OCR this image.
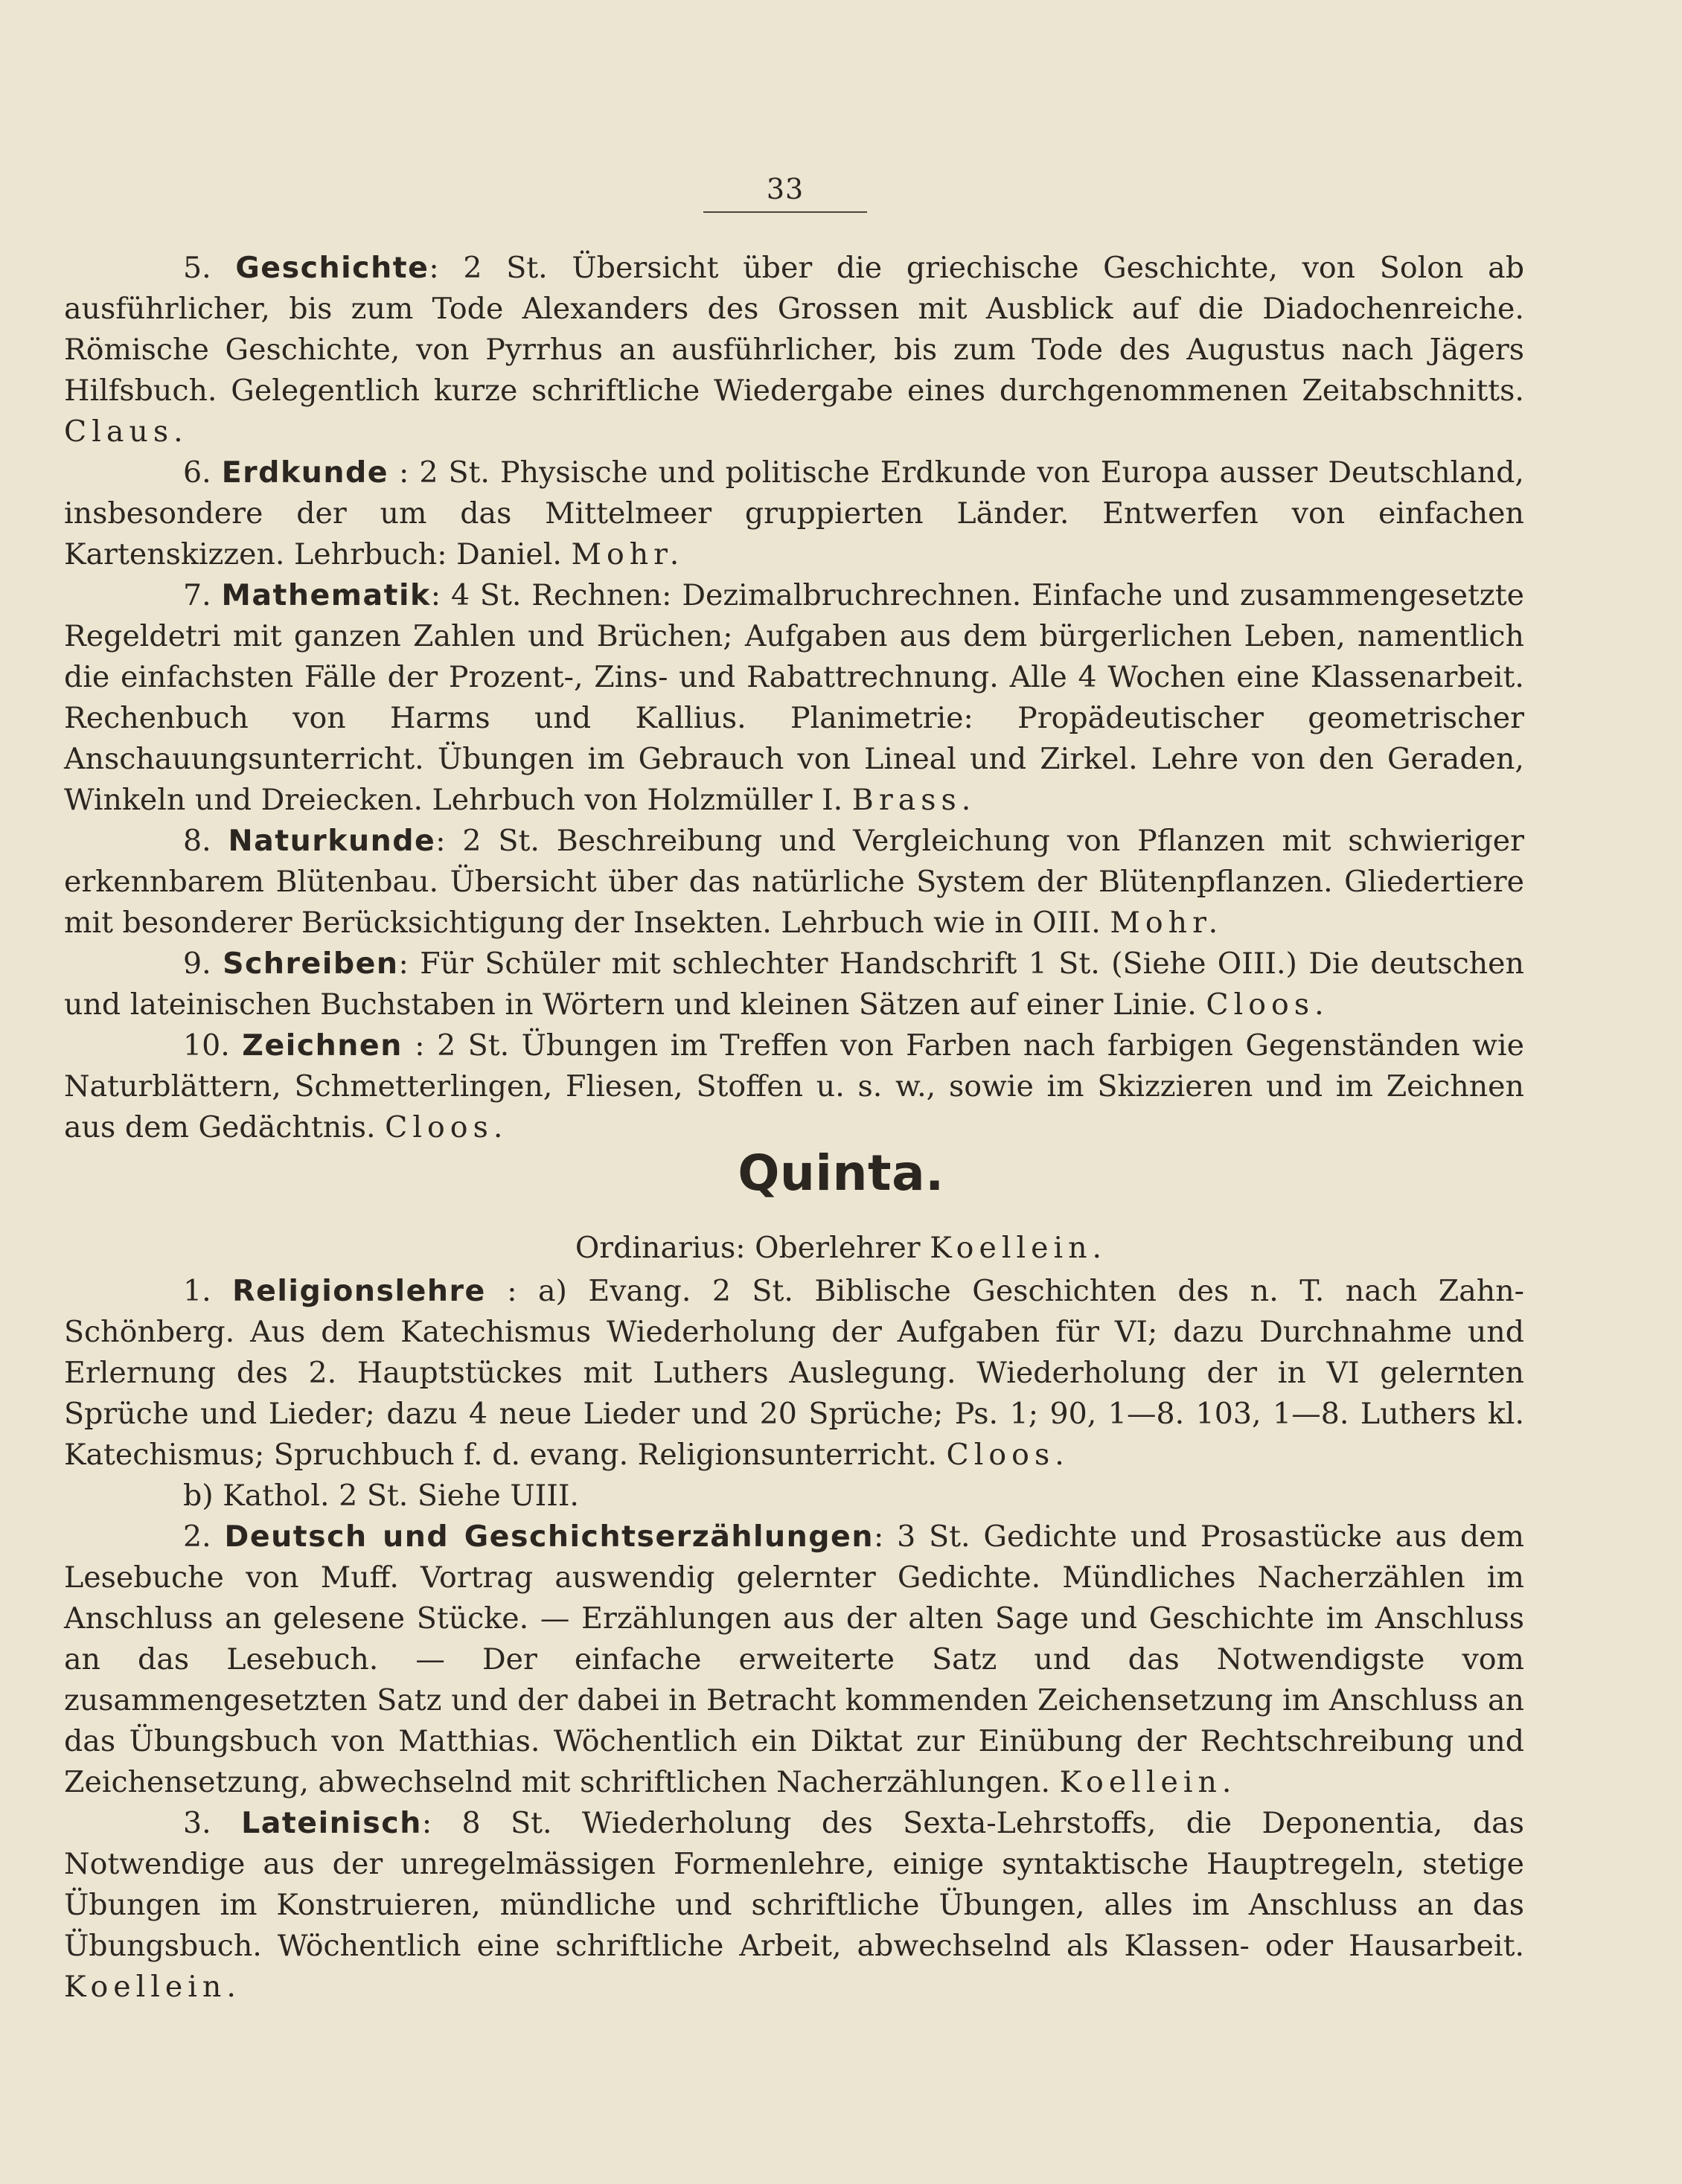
33

5. Geschichte: 2 St. Übersicht über die griechische Geschichte, von Solon ab ausführlicher, bis zum Tode Alexanders des Grossen mit Ausblick auf die Diadochenreiche. Römische Geschichte, von Pyrrhus an ausführlicher, bis zum Tode des Augustus nach Jägers Hilfsbuch. Gelegentlich kurze schriftliche Wiedergabe eines durchgenommenen Zeitabschnitts. Claus.

6. Erdkunde : 2 St. Physische und politische Erdkunde von Europa ausser Deutschland, insbesondere der um das Mittelmeer gruppierten Länder. Entwerfen von einfachen Kartenskizzen. Lehrbuch: Daniel. Mohr.

7. Mathematik: 4 St. Rechnen: Dezimalbruchrechnen. Einfache und zusammengesetzte Regeldetri mit ganzen Zahlen und Brüchen; Aufgaben aus dem bürgerlichen Leben, namentlich die einfachsten Fälle der Prozent-, Zins- und Rabattrechnung. Alle 4 Wochen eine Klassenarbeit. Rechenbuch von Harms und Kallius. Planimetrie: Propädeutischer geometrischer Anschauungsunterricht. Übungen im Gebrauch von Lineal und Zirkel. Lehre von den Geraden, Winkeln und Dreiecken. Lehrbuch von Holzmüller I. Brass.

8. Naturkunde: 2 St. Beschreibung und Vergleichung von Pflanzen mit schwieriger erkennbarem Blütenbau. Übersicht über das natürliche System der Blütenpflanzen. Gliedertiere mit besonderer Berücksichtigung der Insekten. Lehrbuch wie in OIII. Mohr.

9. Schreiben: Für Schüler mit schlechter Handschrift 1 St. (Siehe OIII.) Die deutschen und lateinischen Buchstaben in Wörtern und kleinen Sätzen auf einer Linie. Cloos.

10. Zeichnen : 2 St. Übungen im Treffen von Farben nach farbigen Gegenständen wie Naturblättern, Schmetterlingen, Fliesen, Stoffen u. s. w., sowie im Skizzieren und im Zeichnen aus dem Gedächtnis. Cloos.

Quinta.
Ordinarius: Oberlehrer Koellein.

1. Religionslehre : a) Evang. 2 St. Biblische Geschichten des n. T. nach Zahn-Schönberg. Aus dem Katechismus Wiederholung der Aufgaben für VI; dazu Durchnahme und Erlernung des 2. Hauptstückes mit Luthers Auslegung. Wiederholung der in VI gelernten Sprüche und Lieder; dazu 4 neue Lieder und 20 Sprüche; Ps. 1; 90, 1—8. 103, 1—8. Luthers kl. Katechismus; Spruchbuch f. d. evang. Religionsunterricht. Cloos.

b) Kathol. 2 St. Siehe UIII.

2. Deutsch und Geschichtserzählungen: 3 St. Gedichte und Prosastücke aus dem Lesebuche von Muff. Vortrag auswendig gelernter Gedichte. Mündliches Nacherzählen im Anschluss an gelesene Stücke. — Erzählungen aus der alten Sage und Geschichte im Anschluss an das Lesebuch. — Der einfache erweiterte Satz und das Notwendigste vom zusammengesetzten Satz und der dabei in Betracht kommenden Zeichensetzung im Anschluss an das Übungsbuch von Matthias. Wöchentlich ein Diktat zur Einübung der Rechtschreibung und Zeichensetzung, abwechselnd mit schriftlichen Nacherzählungen. Koellein.

3. Lateinisch: 8 St. Wiederholung des Sexta-Lehrstoffs, die Deponentia, das Notwendige aus der unregelmässigen Formenlehre, einige syntaktische Hauptregeln, stetige Übungen im Konstruieren, mündliche und schriftliche Übungen, alles im Anschluss an das Übungsbuch. Wöchentlich eine schriftliche Arbeit, abwechselnd als Klassen- oder Hausarbeit. Koellein.
